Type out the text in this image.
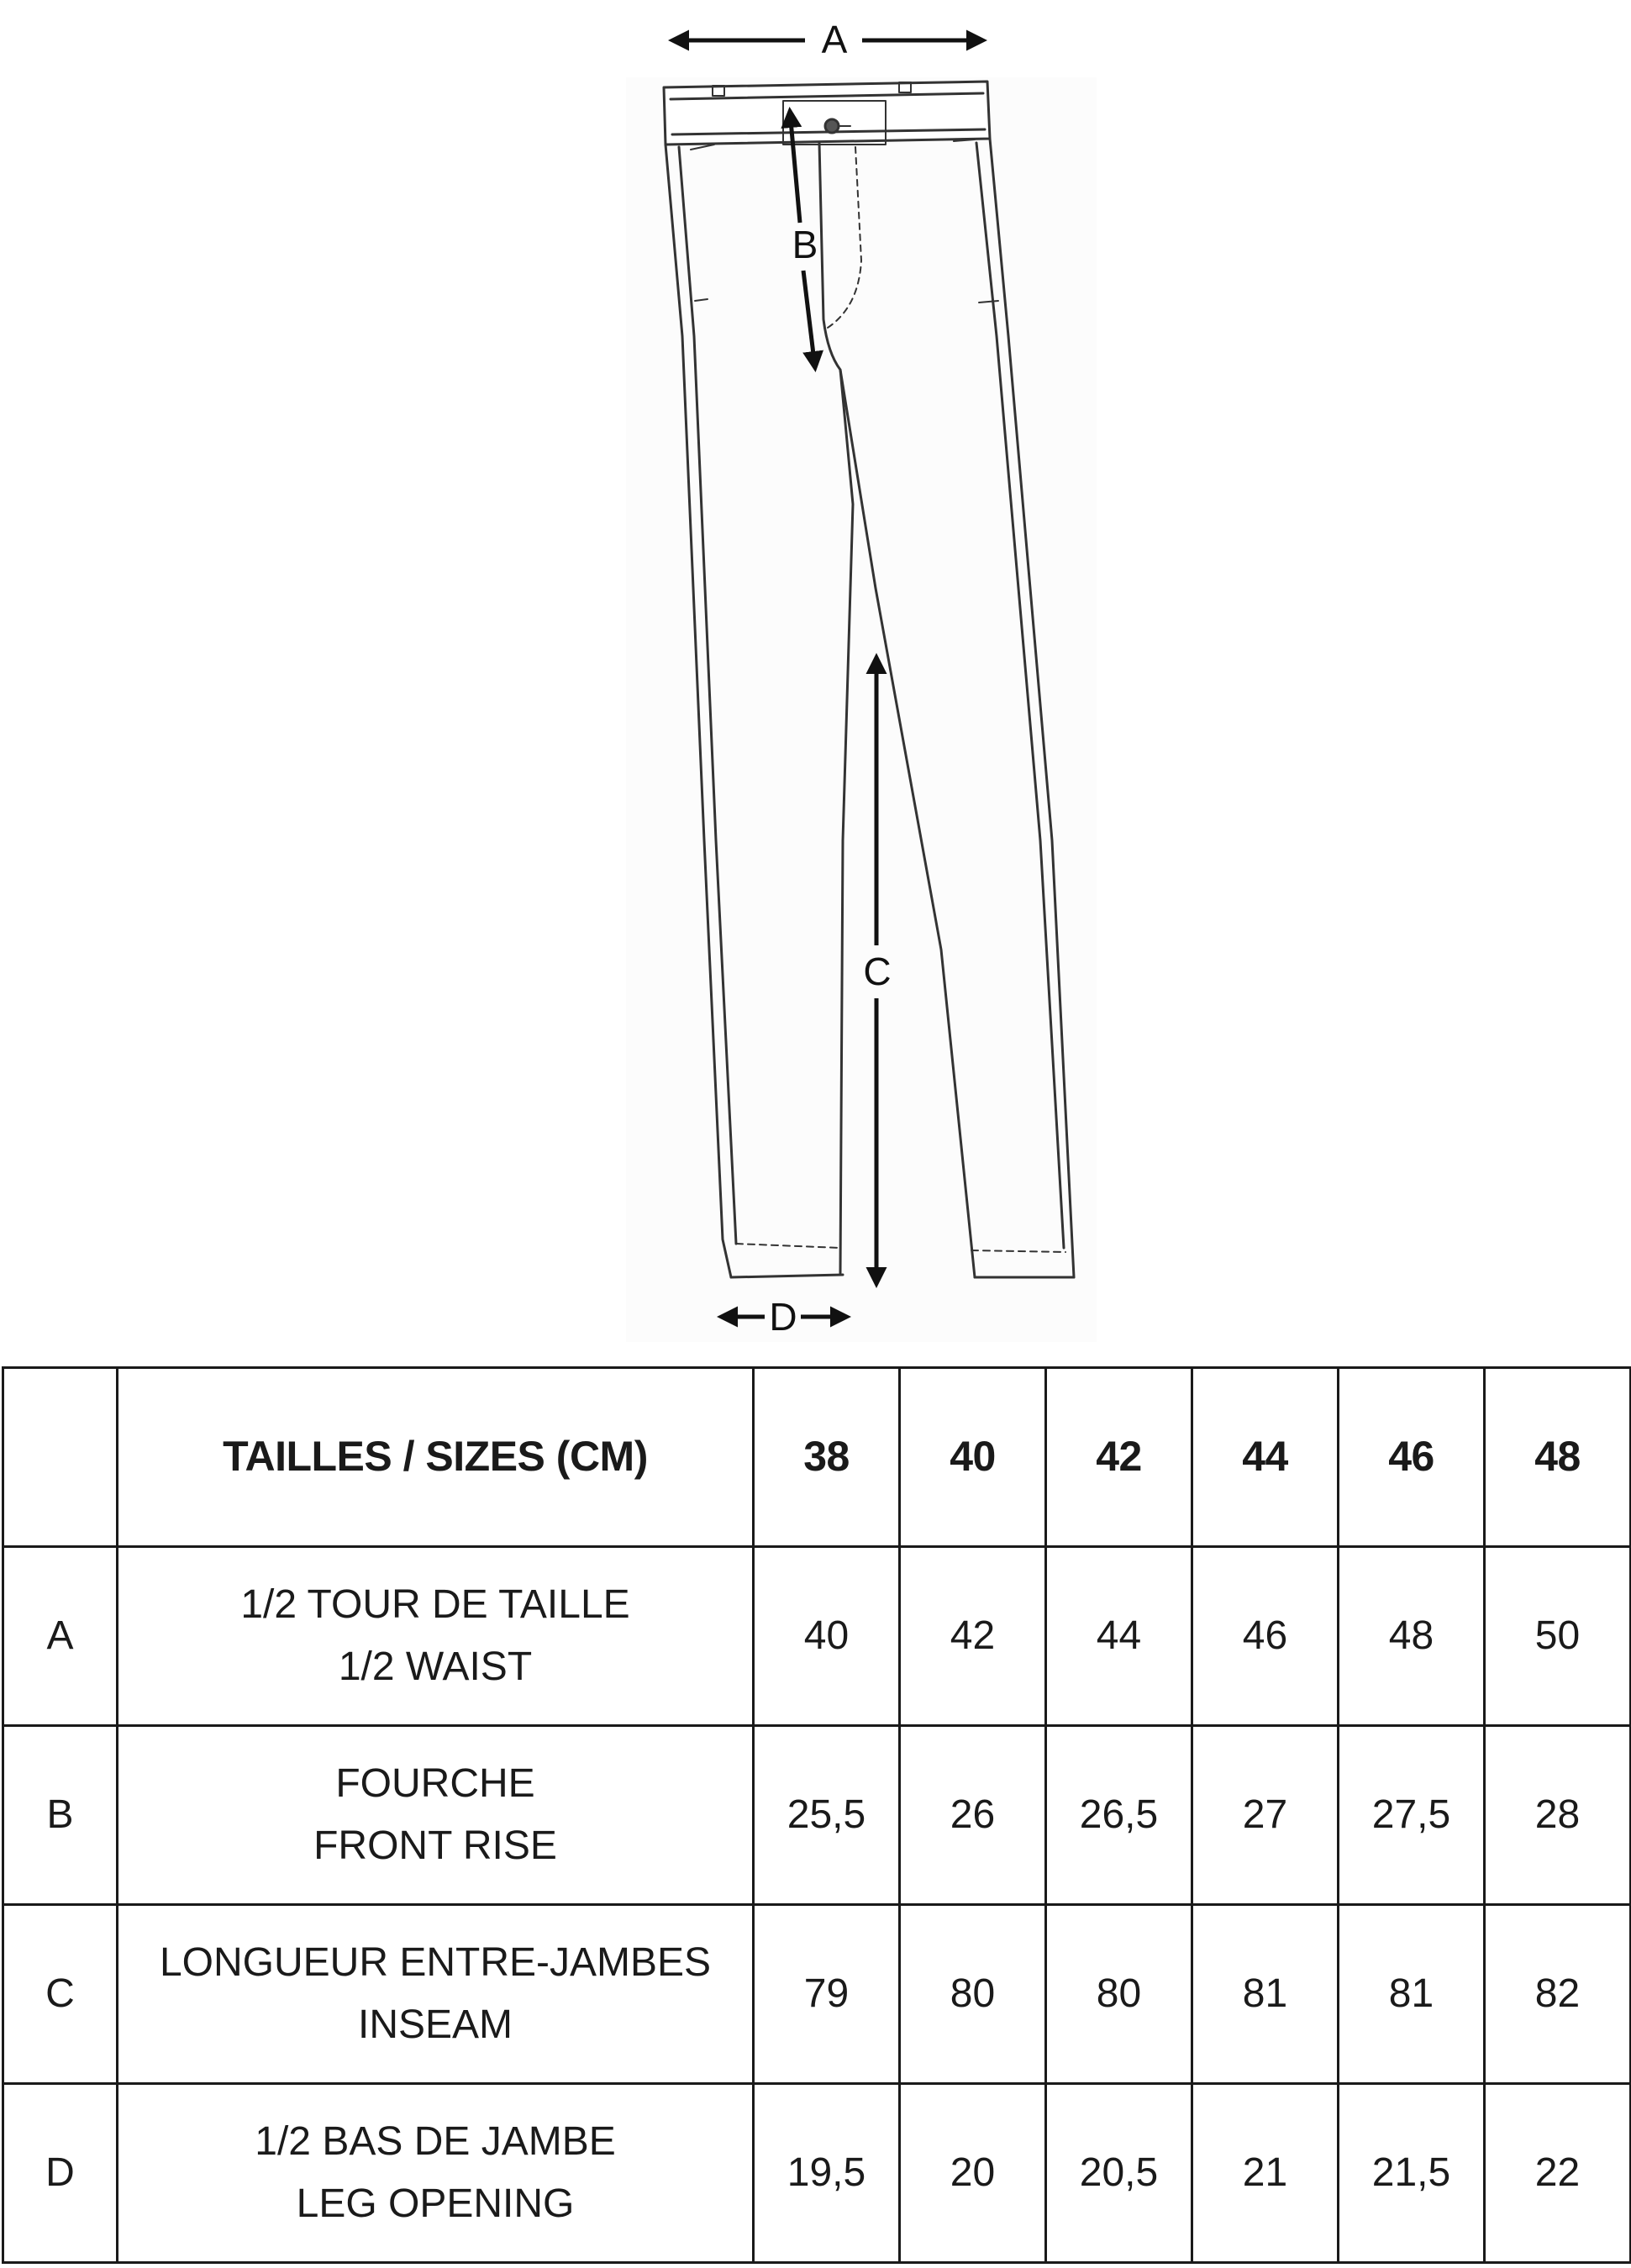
A
B
C
D
	TAILLES / SIZES (CM)	38	40	42	44	46	48
A	1/2 TOUR DE TAILLE
1/2 WAIST	40	42	44	46	48	50
B	FOURCHE
FRONT RISE	25,5	26	26,5	27	27,5	28
C	LONGUEUR ENTRE-JAMBES
INSEAM	79	80	80	81	81	82
D	1/2 BAS DE JAMBE
LEG OPENING	19,5	20	20,5	21	21,5	22
